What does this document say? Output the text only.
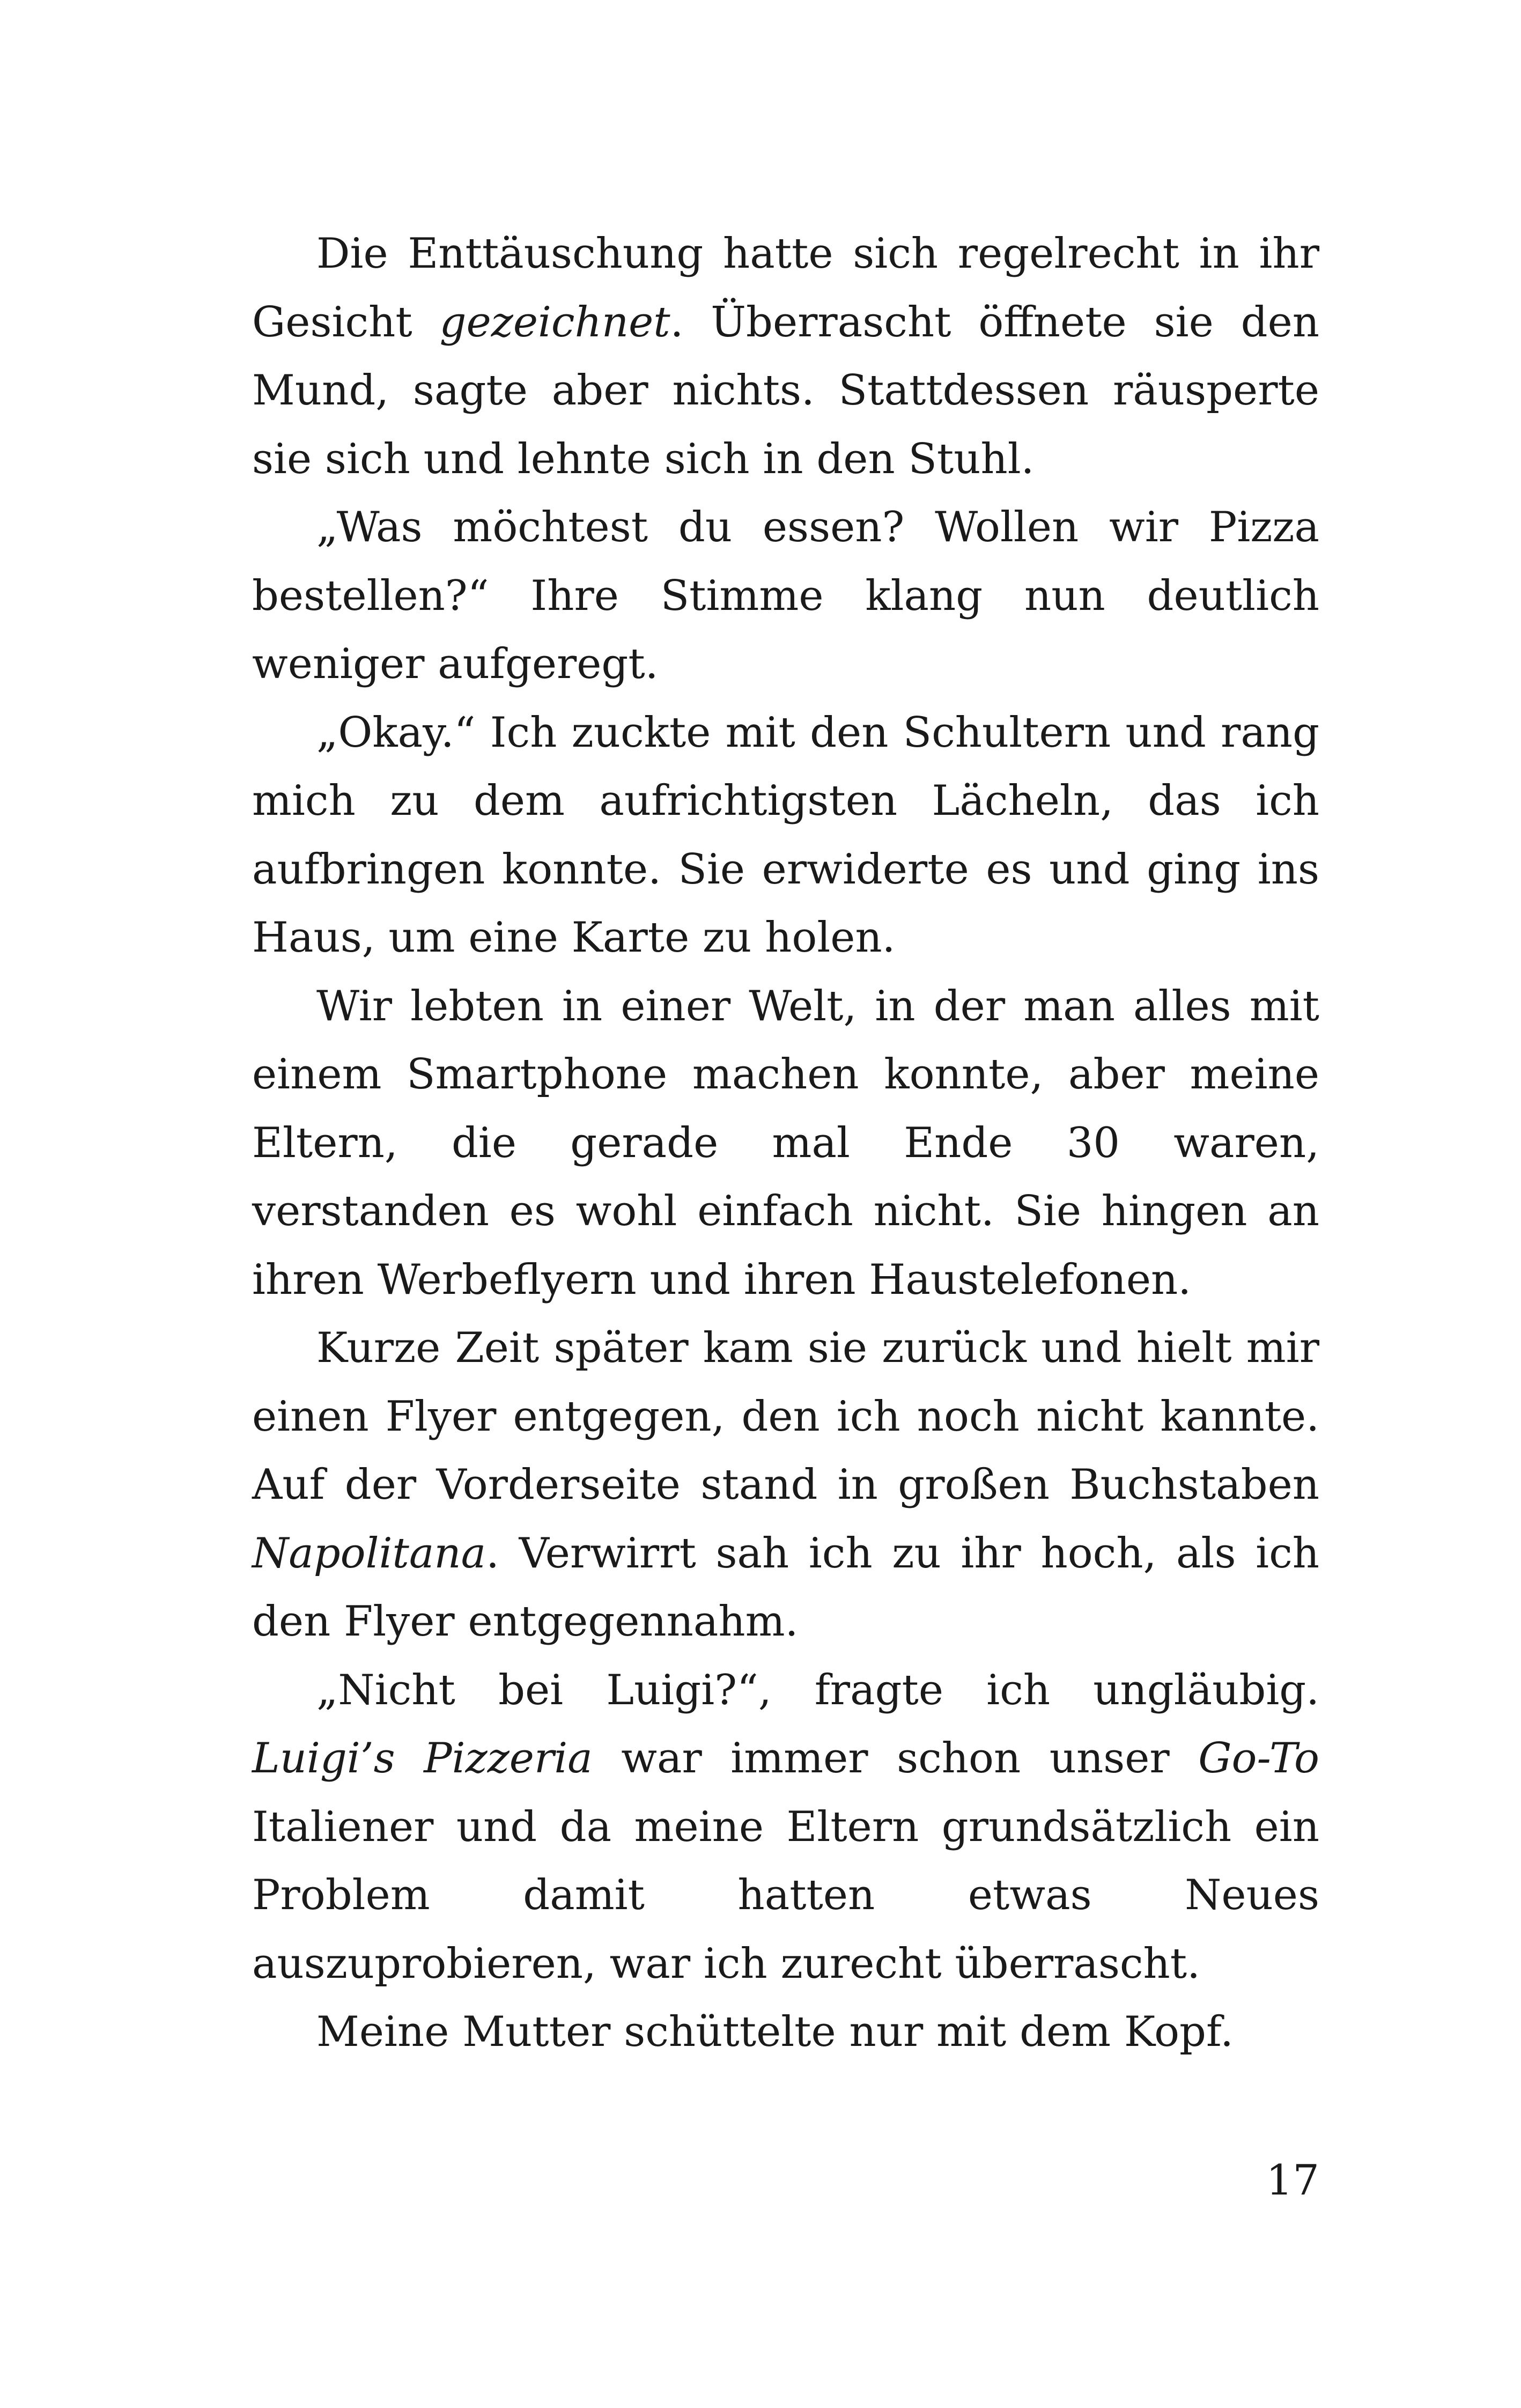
Die Enttäuschung hatte sich regelrecht in ihr Gesicht gezeichnet. Überrascht öffnete sie den Mund, sagte aber nichts. Stattdessen räusperte sie sich und lehnte sich in den Stuhl.

„Was möchtest du essen? Wollen wir Pizza bestellen?“ Ihre Stimme klang nun deutlich weniger aufgeregt.

„Okay.“ Ich zuckte mit den Schultern und rang mich zu dem aufrichtigsten Lächeln, das ich aufbringen konnte. Sie erwiderte es und ging ins Haus, um eine Karte zu holen.

Wir lebten in einer Welt, in der man alles mit einem Smartphone machen konnte, aber meine Eltern, die gerade mal Ende 30 waren, verstanden es wohl einfach nicht. Sie hingen an ihren Werbeflyern und ihren Haustelefonen.

Kurze Zeit später kam sie zurück und hielt mir einen Flyer entgegen, den ich noch nicht kannte. Auf der Vorderseite stand in großen Buchstaben Napolitana. Verwirrt sah ich zu ihr hoch, als ich den Flyer entgegennahm.

„Nicht bei Luigi?“, fragte ich ungläubig. Luigi’s Pizzeria war immer schon unser Go-To Italiener und da meine Eltern grundsätzlich ein Problem damit hatten etwas Neues auszuprobieren, war ich zurecht überrascht.

Meine Mutter schüttelte nur mit dem Kopf.

17
